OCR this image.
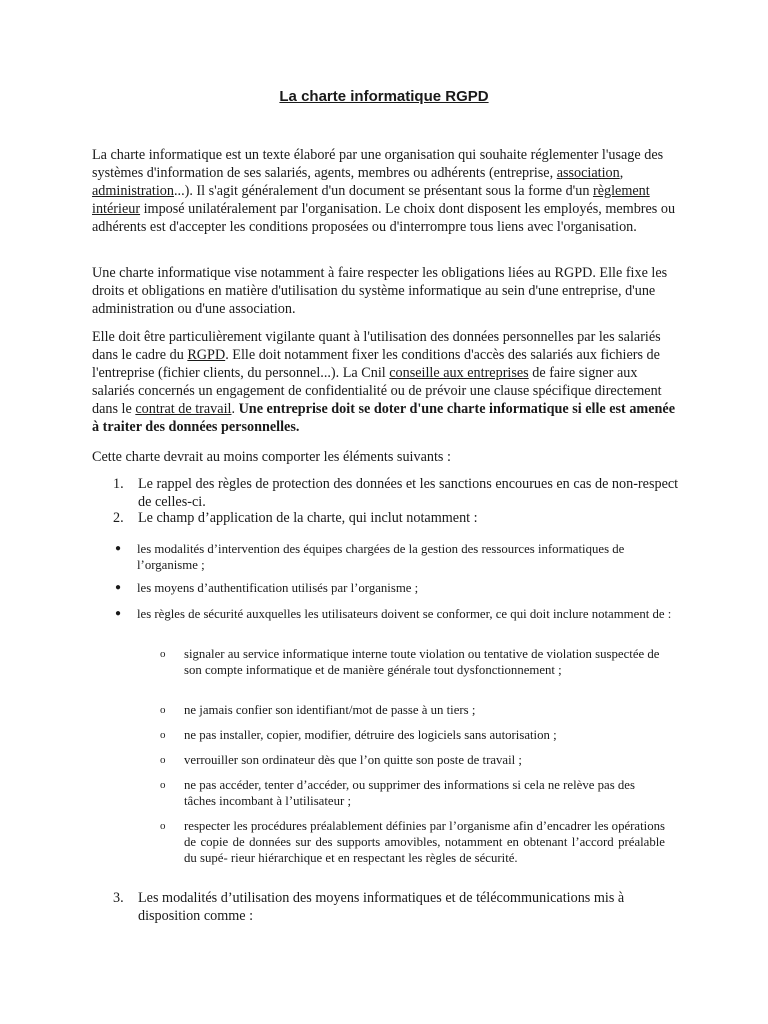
La charte informatique RGPD

La charte informatique est un texte élaboré par une organisation qui souhaite réglementer l'usage des systèmes d'information de ses salariés, agents, membres ou adhérents (entreprise, association, administration...). Il s'agit généralement d'un document se présentant sous la forme d'un règlement intérieur imposé unilatéralement par l'organisation. Le choix dont disposent les employés, membres ou adhérents est d'accepter les conditions proposées ou d'interrompre tous liens avec l'organisation.

Une charte informatique vise notamment à faire respecter les obligations liées au RGPD. Elle fixe les droits et obligations en matière d'utilisation du système informatique au sein d'une entreprise, d'une administration ou d'une association.

Elle doit être particulièrement vigilante quant à l'utilisation des données personnelles par les salariés dans le cadre du RGPD. Elle doit notamment fixer les conditions d'accès des salariés aux fichiers de l'entreprise (fichier clients, du personnel...). La Cnil conseille aux entreprises de faire signer aux salariés concernés un engagement de confidentialité ou de prévoir une clause spécifique directement dans le contrat de travail. Une entreprise doit se doter d'une charte informatique si elle est amenée à traiter des données personnelles.

Cette charte devrait au moins comporter les éléments suivants :
1.	Le rappel des règles de protection des données et les sanctions encourues en cas de non-respect de celles-ci.
2.	Le champ d’application de la charte, qui inclut notamment :
● les modalités d’intervention des équipes chargées de la gestion des ressources informatiques de l’organisme ;
● les moyens d’authentification utilisés par l’organisme ;
● les règles de sécurité auxquelles les utilisateurs doivent se conformer, ce qui doit inclure notamment de :
o signaler au service informatique interne toute violation ou tentative de violation suspectée de son compte informatique et de manière générale tout dysfonctionnement ;
o ne jamais confier son identifiant/mot de passe à un tiers ;
o ne pas installer, copier, modifier, détruire des logiciels sans autorisation ;
o verrouiller son ordinateur dès que l’on quitte son poste de travail ;
o ne pas accéder, tenter d’accéder, ou supprimer des informations si cela ne relève pas des tâches incombant à l’utilisateur ;
o respecter les procédures préalablement définies par l’organisme afin d’encadrer les opérations de copie de données sur des supports amovibles, notamment en obtenant l’accord préalable du supé- rieur hiérarchique et en respectant les règles de sécurité.
3.	Les modalités d’utilisation des moyens informatiques et de télécommunications mis à disposition comme :
